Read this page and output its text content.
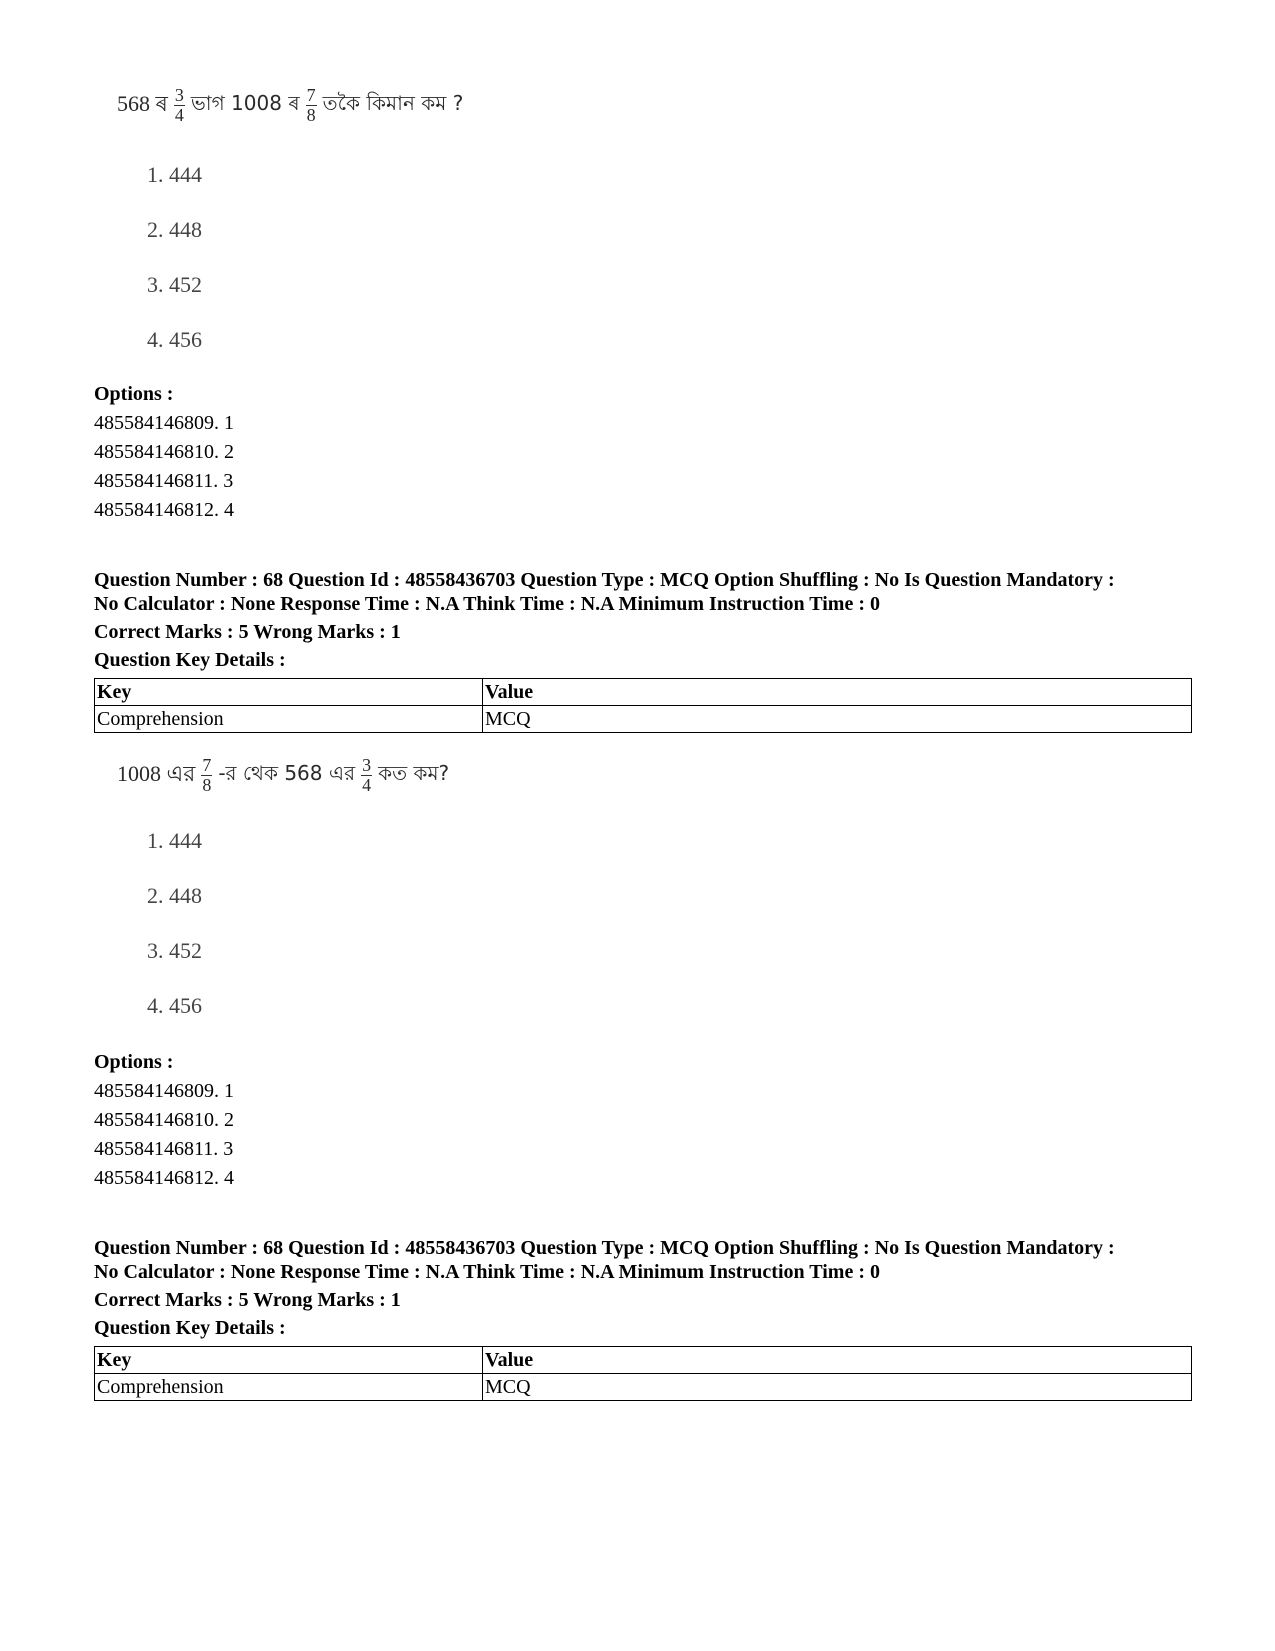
568 ৰ $\frac{3}{4}$ ভাগ 1008 ৰ $\frac{7}{8}$ তকৈ কিমান কম ?
1. 444
2. 448
3. 452
4. 456
Options :
485584146809. 1
485584146810. 2
485584146811. 3
485584146812. 4
Question Number : 68 Question Id : 48558436703 Question Type : MCQ Option Shuffling : No Is Question Mandatory :
No Calculator : None Response Time : N.A Think Time : N.A Minimum Instruction Time : 0
Correct Marks : 5 Wrong Marks : 1
Question Key Details :
Key	Value
Comprehension	MCQ
1008 এর $\frac{7}{8}$ -র থেক 568 এর $\frac{3}{4}$ কত কম?
1. 444
2. 448
3. 452
4. 456
Options :
485584146809. 1
485584146810. 2
485584146811. 3
485584146812. 4
Question Number : 68 Question Id : 48558436703 Question Type : MCQ Option Shuffling : No Is Question Mandatory :
No Calculator : None Response Time : N.A Think Time : N.A Minimum Instruction Time : 0
Correct Marks : 5 Wrong Marks : 1
Question Key Details :
Key	Value
Comprehension	MCQ
